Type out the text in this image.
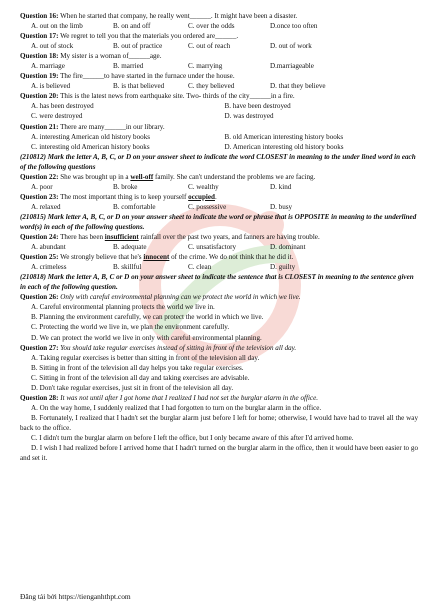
Question 16: When he started that company, he really went______. It might have been a disaster.
A. out on the limb	B. on and off	C. over the odds	D.once too often
Question 17: We regret to tell you that the materials you ordered are______.
A. out of stock	B. out of practice	C. out of reach	D. out of work
Question 18: My sister is a woman of______age.
A. marriage	B. married	C. marrying	D.marriageable
Question 19: The fire______to have started in the furnace under the house.
A. is believed	B. is that believed	C. they believed	D. that they believe
Question 20: This is the latest news from earthquake site. Two- thirds of the city______in a fire.
A. has been destroyed	B. have been destroyed
C. were destroyed	D. was destroyed
Question 21: There are many______in our library.
A. interesting American old history books	B. old American interesting history books
C. interesting old American history books	D. American interesting old history books
(210812) Mark the letter A, B, C, or D on your answer sheet to indicate the word CLOSEST in meaning to the under lined word in each of the following questions
Question 22: She was brought up in a well-off family. She can't understand the problems we are facing.
A. poor	B. broke	C. wealthy	D. kind
Question 23: The most important thing is to keep yourself occupied.
A. relaxed	B. comfortable	C. possessive	D. busy
(210815) Mark letter A, B, C, or D on your answer sheet to indicate the word or phrase that is OPPOSITE in meaning to the underlined word(s) in each of the following questions.
Question 24: There has been insufficient rainfall over the past two years, and fanners are having trouble.
A. abundant	B. adequate	C. unsatisfactory	D. dominant
Question 25: We strongly believe that he's innocent of the crime. We do not think that he did it.
A. crimeless	B. skillful	C. clean	D. guilty
(210818) Mark the letter A, B, C or D on your answer sheet to indicate the sentence that is CLOSEST in meaning to the sentence given in each of the following question.
Question 26: Only with careful environmental planning can we protect the world in which we live.
A. Careful environmental planning protects the world we live in.
B. Planning the environment carefully, we can protect the world in which we live.
C. Protecting the world we live in, we plan the environment carefully.
D. We can protect the world we live in only with careful environmental planning.
Question 27: You should take regular exercises instead of sitting in front of the television all day.
A. Taking regular exercises is better than sitting in front of the television all day.
B. Sitting in front of the television all day helps you take regular exercises.
C. Sitting in front of the television all day and taking exercises are advisable.
D. Don't take regular exercises, just sit in front of the television all day.
Question 28: It was not until after I got home that I realized I had not set the burglar alarm in the office.
A. On the way home, I suddenly realized that I had forgotten to turn on the burglar alarm in the office.
B. Fortunately, I realized that I hadn't set the burglar alarm just before I left for home; otherwise, I would have had to travel all the way back to the office.
C. I didn't turn the burglar alarm on before I left the office, but I only became aware of this after I'd arrived home.
D. I wish I had realized before I arrived home that I hadn't turned on the burglar alarm in the office, then it would have been easier to go and set it.
Đăng tải bởi https://tienganhthpt.com
